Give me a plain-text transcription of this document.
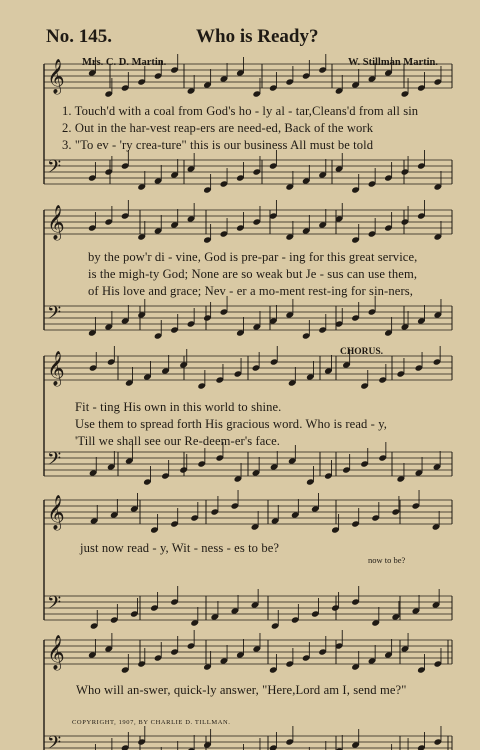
No. 145.	Who is Ready?
Mrs. C. D. Martin.	W. Stillman Martin.
𝄞
𝄢
𝄞
𝄢
𝄞
𝄢
𝄞
𝄢
𝄞
𝄢
1. Touch'd with a coal from God's ho - ly al - tar,Cleans'd from all sin
2. Out in the har-vest reap-ers are need-ed, Back of the work
3. "To ev - 'ry crea-ture" this is our business All must be told
by the pow'r di - vine, God is pre-par - ing for this great service,
is the migh-ty God; None are so weak but Je - sus can use them,
of His love and grace; Nev - er a mo-ment rest-ing for sin-ners,
CHORUS.
Fit - ting His own in this world to shine.
Use them to spread forth His gracious word. Who is read - y,
'Till we shall see our Re-deem-er's face.
just now read - y, Wit - ness - es to be?
now to be?
Who will an-swer, quick-ly answer, "Here,Lord am I, send me?"
COPYRIGHT, 1907, BY CHARLIE D. TILLMAN.
